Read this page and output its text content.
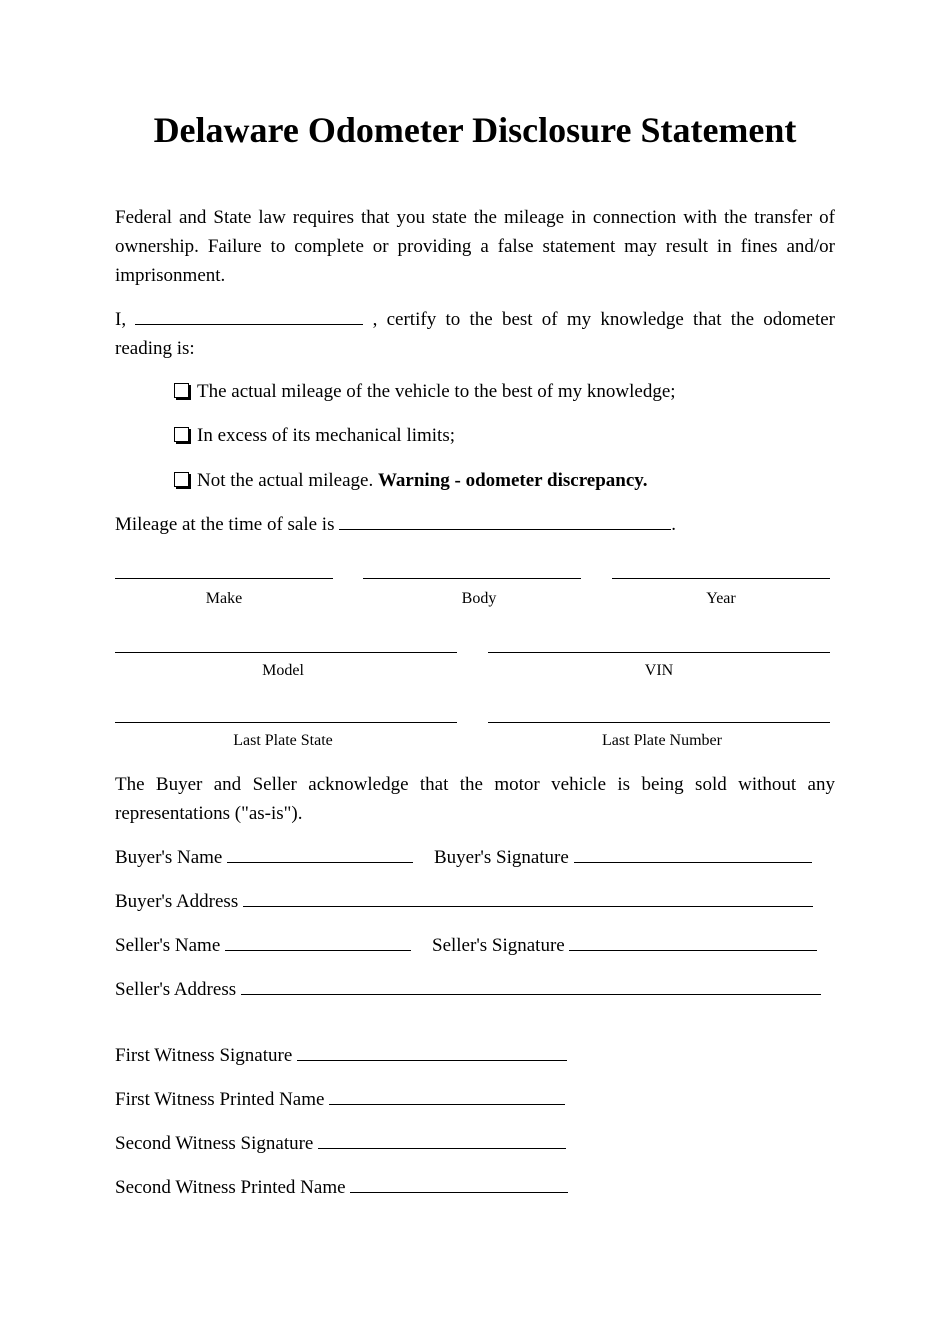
Delaware Odometer Disclosure Statement

Federal and State law requires that you state the mileage in connection with the transfer of ownership. Failure to complete or providing a false statement may result in fines and/or imprisonment.

I,	, certify to the best of my knowledge that the odometer reading is:
The actual mileage of the vehicle to the best of my knowledge;
In excess of its mechanical limits;
Not the actual mileage. Warning - odometer discrepancy.
Mileage at the time of sale is	.
Make	Body	Year
Model	VIN
Last Plate State	Last Plate Number

The Buyer and Seller acknowledge that the motor vehicle is being sold without any representations ("as-is").

Buyer's Name	Buyer's Signature
Buyer's Address
Seller's Name	Seller's Signature
Seller's Address
First Witness Signature
First Witness Printed Name
Second Witness Signature
Second Witness Printed Name
